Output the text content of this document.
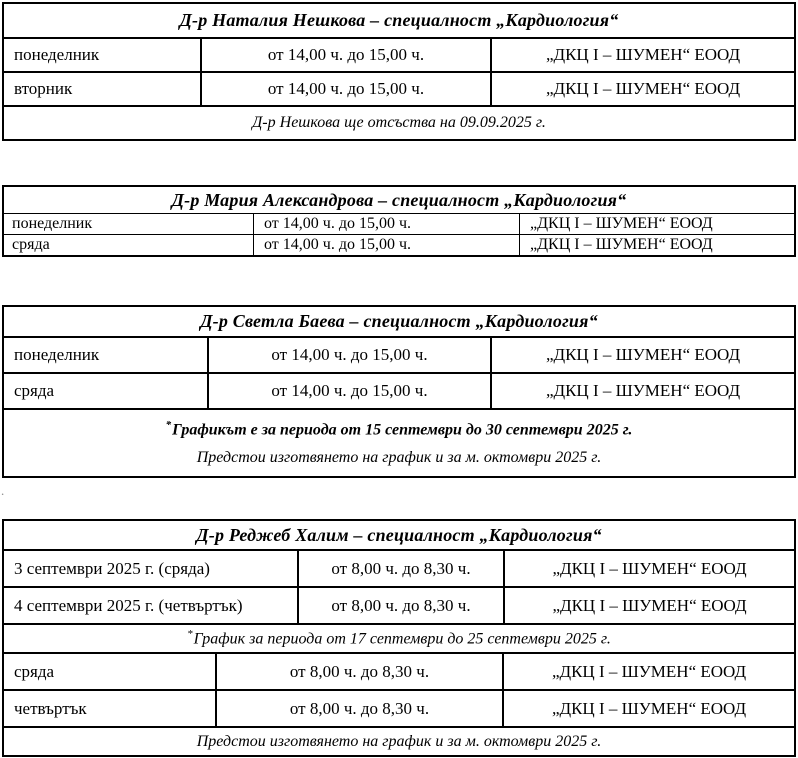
Д-р Наталия Нешкова – специалност „Кардиология“
понеделник	от 14,00 ч. до 15,00 ч.	„ДКЦ I – ШУМЕН“ ЕООД
вторник	от 14,00 ч. до 15,00 ч.	„ДКЦ I – ШУМЕН“ ЕООД
Д-р Нешкова ще отсъства на 09.09.2025 г.
Д-р Мария Александрова – специалност „Кардиология“
понеделник	от 14,00 ч. до 15,00 ч.	„ДКЦ I – ШУМЕН“ ЕООД
сряда	от 14,00 ч. до 15,00 ч.	„ДКЦ I – ШУМЕН“ ЕООД
Д-р Светла Баева – специалност „Кардиология“
понеделник	от 14,00 ч. до 15,00 ч.	„ДКЦ I – ШУМЕН“ ЕООД
сряда	от 14,00 ч. до 15,00 ч.	„ДКЦ I – ШУМЕН“ ЕООД
*Графикът е за периода от 15 септември до 30 септември 2025 г.
Предстои изготвянето на график и за м. октомври 2025 г.
.
Д-р Реджеб Халим – специалност „Кардиология“
3 септември 2025 г. (сряда)	от 8,00 ч. до 8,30 ч.	„ДКЦ I – ШУМЕН“ ЕООД
4 септември 2025 г. (четвъртък)	от 8,00 ч. до 8,30 ч.	„ДКЦ I – ШУМЕН“ ЕООД
*График за периода от 17 септември до 25 септември 2025 г.
сряда	от 8,00 ч. до 8,30 ч.	„ДКЦ I – ШУМЕН“ ЕООД
четвъртък	от 8,00 ч. до 8,30 ч.	„ДКЦ I – ШУМЕН“ ЕООД
Предстои изготвянето на график и за м. октомври 2025 г.
